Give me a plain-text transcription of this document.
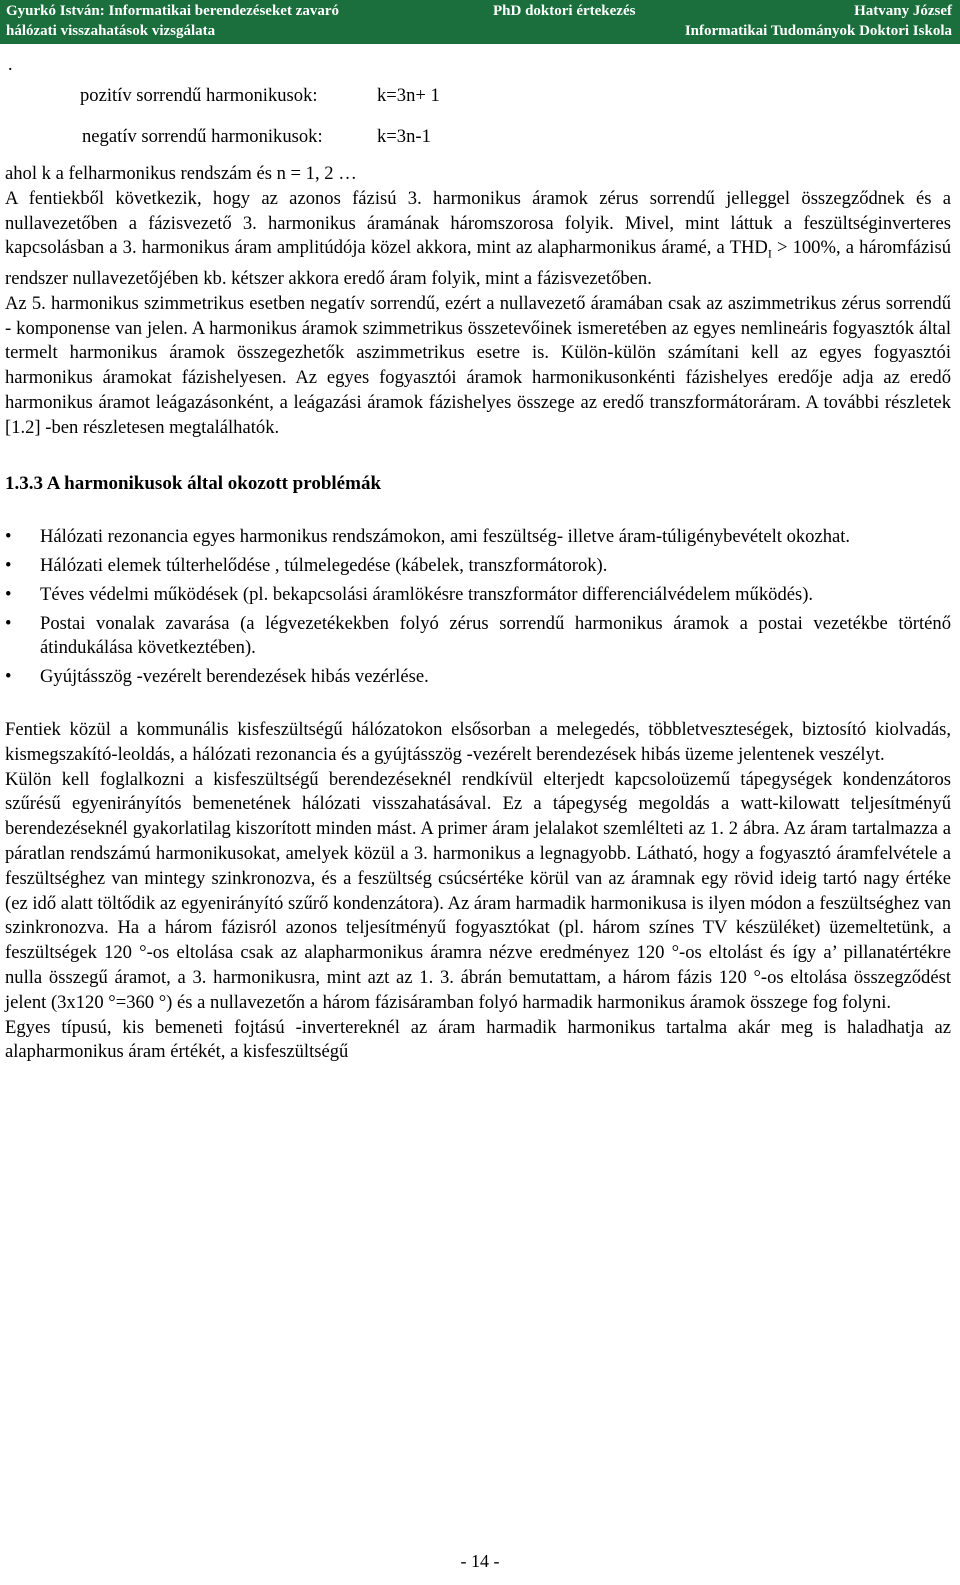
Gyurkó István: Informatikai berendezéseket zavaró
hálózati visszahatások vizsgálata
PhD doktori értekezés	Hatvany József
Informatikai Tudományok Doktori Iskola
.
pozitív sorrendű harmonikusok:	k=3n+ 1
negatív sorrendű harmonikusok:	k=3n-1

ahol k a felharmonikus rendszám és n = 1, 2 …

A fentiekből következik, hogy az azonos fázisú 3. harmonikus áramok zérus sorrendű jelleggel összegződnek és a nullavezetőben a fázisvezető 3. harmonikus áramának háromszorosa folyik. Mivel, mint láttuk a feszültséginverteres kapcsolásban a 3. harmonikus áram amplitúdója közel akkora, mint az alapharmonikus áramé, a $THD_I > 100\%$, a háromfázisú rendszer nullavezetőjében kb. kétszer akkora eredő áram folyik, mint a fázisvezetőben.

Az 5. harmonikus szimmetrikus esetben negatív sorrendű, ezért a nullavezető áramában csak az aszimmetrikus zérus sorrendű - komponense van jelen. A harmonikus áramok szimmetrikus összetevőinek ismeretében az egyes nemlineáris fogyasztók által termelt harmonikus áramok összegezhetők aszimmetrikus esetre is. Külön-külön számítani kell az egyes fogyasztói harmonikus áramokat fázishelyesen. Az egyes fogyasztói áramok harmonikusonkénti fázishelyes eredője adja az eredő harmonikus áramot leágazásonként, a leágazási áramok fázishelyes összege az eredő transzformátoráram. A további részletek [1.2] -ben részletesen megtalálhatók.

1.3.3 A harmonikusok által okozott problémák
• Hálózati rezonancia egyes harmonikus rendszámokon, ami feszültség- illetve áram-túligénybevételt okozhat.
• Hálózati elemek túlterhelődése , túlmelegedése (kábelek, transzformátorok).
• Téves védelmi működések (pl. bekapcsolási áramlökésre transzformátor differenciálvédelem működés).
• Postai vonalak zavarása (a légvezetékekben folyó zérus sorrendű harmonikus áramok a postai vezetékbe történő átindukálása következtében).
• Gyújtásszög -vezérelt berendezések hibás vezérlése.

Fentiek közül a kommunális kisfeszültségű hálózatokon elsősorban a melegedés, többletveszteségek, biztosító kiolvadás, kismegszakító-leoldás, a hálózati rezonancia és a gyújtásszög -vezérelt berendezések hibás üzeme jelentenek veszélyt.

Külön kell foglalkozni a kisfeszültségű berendezéseknél rendkívül elterjedt kapcsoloüzemű tápegységek kondenzátoros szűrésű egyenirányítós bemenetének hálózati visszahatásával. Ez a tápegység megoldás a watt-kilowatt teljesítményű berendezéseknél gyakorlatilag kiszorított minden mást. A primer áram jelalakot szemlélteti az 1. 2 ábra. Az áram tartalmazza a páratlan rendszámú harmonikusokat, amelyek közül a 3. harmonikus a legnagyobb. Látható, hogy a fogyasztó áramfelvétele a feszültséghez van mintegy szinkronozva, és a feszültség csúcsértéke körül van az áramnak egy rövid ideig tartó nagy értéke (ez idő alatt töltődik az egyenirányító szűrő kondenzátora). Az áram harmadik harmonikusa is ilyen módon a feszültséghez van szinkronozva. Ha a három fázisról azonos teljesítményű fogyasztókat (pl. három színes TV készüléket) üzemeltetünk, a feszültségek 120 °-os eltolása csak az alapharmonikus áramra nézve eredményez 120 °-os eltolást és így a’ pillanatértékre nulla összegű áramot, a 3. harmonikusra, mint azt az 1. 3. ábrán bemutattam, a három fázis 120 °-os eltolása összegződést jelent (3x120 °=360 °) és a nullavezetőn a három fázisáramban folyó harmadik harmonikus áramok összege fog folyni.

Egyes típusú, kis bemeneti fojtású -invertereknél az áram harmadik harmonikus tartalma akár meg is haladhatja az alapharmonikus áram értékét, a kisfeszültségű

- 14 -
